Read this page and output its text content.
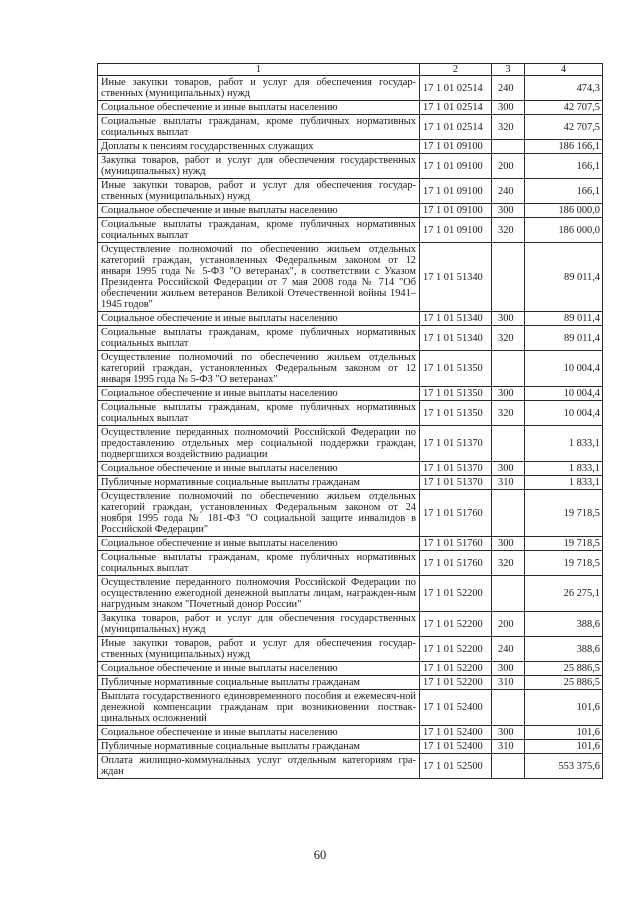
1	2	3	4
Иные закупки товаров, работ и услуг для обеспечения государ-ственных (муниципальных) нужд	17 1 01 02514	240	474,3
Социальное обеспечение и иные выплаты населению	17 1 01 02514	300	42 707,5
Социальные выплаты гражданам, кроме публичных нормативных социальных выплат	17 1 01 02514	320	42 707,5
Доплаты к пенсиям государственных служащих	17 1 01 09100		186 166,1
Закупка товаров, работ и услуг для обеспечения государственных (муниципальных) нужд	17 1 01 09100	200	166,1
Иные закупки товаров, работ и услуг для обеспечения государ-ственных (муниципальных) нужд	17 1 01 09100	240	166,1
Социальное обеспечение и иные выплаты населению	17 1 01 09100	300	186 000,0
Социальные выплаты гражданам, кроме публичных нормативных социальных выплат	17 1 01 09100	320	186 000,0
Осуществление полномочий по обеспечению жильем отдельных категорий граждан, установленных Федеральным законом от 12 января 1995 года № 5-ФЗ "О ветеранах", в соответствии с Указом Президента Российской Федерации от 7 мая 2008 года № 714 "Об обеспечении жильем ветеранов Великой Отечественной войны 1941–1945 годов"	17 1 01 51340		89 011,4
Социальное обеспечение и иные выплаты населению	17 1 01 51340	300	89 011,4
Социальные выплаты гражданам, кроме публичных нормативных социальных выплат	17 1 01 51340	320	89 011,4
Осуществление полномочий по обеспечению жильем отдельных категорий граждан, установленных Федеральным законом от 12 января 1995 года № 5-ФЗ "О ветеранах"	17 1 01 51350		10 004,4
Социальное обеспечение и иные выплаты населению	17 1 01 51350	300	10 004,4
Социальные выплаты гражданам, кроме публичных нормативных социальных выплат	17 1 01 51350	320	10 004,4
Осуществление переданных полномочий Российской Федерации по предоставлению отдельных мер социальной поддержки граждан, подвергшихся воздействию радиации	17 1 01 51370		1 833,1
Социальное обеспечение и иные выплаты населению	17 1 01 51370	300	1 833,1
Публичные нормативные социальные выплаты гражданам	17 1 01 51370	310	1 833,1
Осуществление полномочий по обеспечению жильем отдельных категорий граждан, установленных Федеральным законом от 24 ноября 1995 года № 181-ФЗ "О социальной защите инвалидов в Российской Федерации"	17 1 01 51760		19 718,5
Социальное обеспечение и иные выплаты населению	17 1 01 51760	300	19 718,5
Социальные выплаты гражданам, кроме публичных нормативных социальных выплат	17 1 01 51760	320	19 718,5
Осуществление переданного полномочия Российской Федерации по осуществлению ежегодной денежной выплаты лицам, награжден-ным нагрудным знаком "Почетный донор России"	17 1 01 52200		26 275,1
Закупка товаров, работ и услуг для обеспечения государственных (муниципальных) нужд	17 1 01 52200	200	388,6
Иные закупки товаров, работ и услуг для обеспечения государ-ственных (муниципальных) нужд	17 1 01 52200	240	388,6
Социальное обеспечение и иные выплаты населению	17 1 01 52200	300	25 886,5
Публичные нормативные социальные выплаты гражданам	17 1 01 52200	310	25 886,5
Выплата государственного единовременного пособия и ежемесяч-ной денежной компенсации гражданам при возникновении поствак-цинальных осложнений	17 1 01 52400		101,6
Социальное обеспечение и иные выплаты населению	17 1 01 52400	300	101,6
Публичные нормативные социальные выплаты гражданам	17 1 01 52400	310	101,6
Оплата жилищно-коммунальных услуг отдельным категориям гра-ждан	17 1 01 52500		553 375,6
60
